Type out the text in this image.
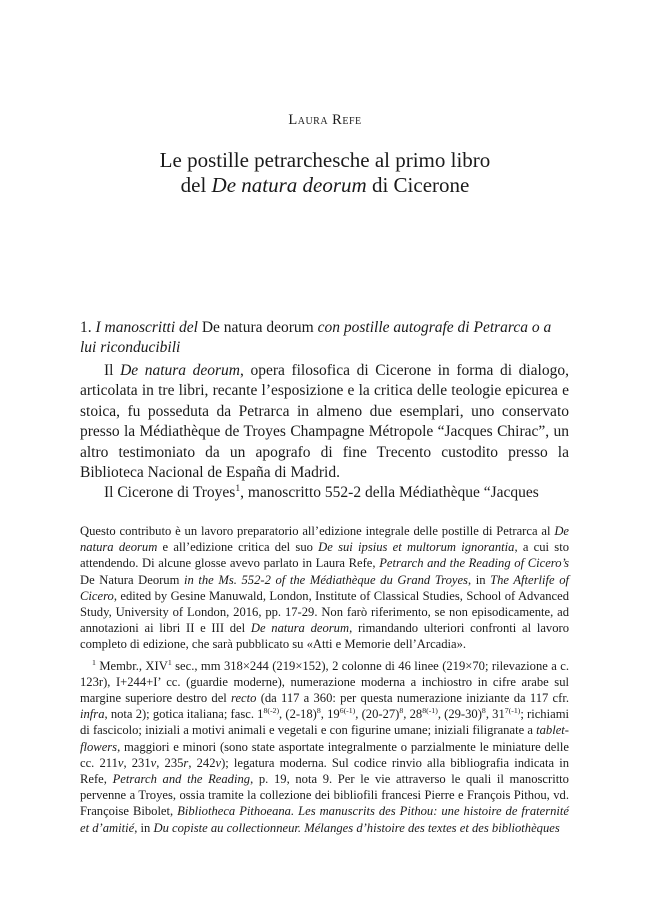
Laura Refe
Le postille petrarchesche al primo libro
del De natura deorum di Cicerone
1. I manoscritti del De natura deorum con postille autografe di Petrarca o a lui riconducibili

Il De natura deorum, opera filosofica di Cicerone in forma di dialogo, articolata in tre libri, recante l’esposizione e la critica delle teologie epicurea e stoica, fu posseduta da Petrarca in almeno due esemplari, uno conservato presso la Médiathèque de Troyes Champagne Métropole “Jacques Chirac”, un altro testimoniato da un apografo di fine Trecento custodito presso la Biblioteca Nacional de España di Madrid.

Il Cicerone di Troyes$^1$, manoscritto 552-2 della Médiathèque “Jacques

Questo contributo è un lavoro preparatorio all’edizione integrale delle postille di Petrarca al De natura deorum e all’edizione critica del suo De sui ipsius et multorum ignorantia, a cui sto attendendo. Di alcune glosse avevo parlato in Laura Refe, Petrarch and the Reading of Cicero’s De Natura Deorum in the Ms. 552-2 of the Médiathèque du Grand Troyes, in The Afterlife of Cicero, edited by Gesine Manuwald, London, Institute of Classical Studies, School of Advanced Study, University of London, 2016, pp. 17-29. Non farò riferimento, se non episodicamente, ad annotazioni ai libri II e III del De natura deorum, rimandando ulteriori confronti al lavoro completo di edizione, che sarà pubblicato su «Atti e Memorie dell’Arcadia».

$^1$ Membr., XIV$^1$ sec., mm 318×244 (219×152), 2 colonne di 46 linee (219×70; rilevazione a c. 123r), I+244+I’ cc. (guardie moderne), numerazione moderna a inchiostro in cifre arabe sul margine superiore destro del recto (da 117 a 360: per questa numerazione iniziante da 117 cfr. infra, nota 2); gotica italiana; fasc. $1^{8(-2)}$, $(2-18)^8$, $19^{6(-1)}$, $(20-27)^8$, $28^{8(-1)}$, $(29-30)^8$, $31^{7(-1)}$; richiami di fascicolo; iniziali a motivi animali e vegetali e con figurine umane; iniziali filigranate a tablet-flowers, maggiori e minori (sono state asportate integralmente o parzialmente le miniature delle cc. 211v, 231v, 235r, 242v); legatura moderna. Sul codice rinvio alla bibliografia indicata in Refe, Petrarch and the Reading, p. 19, nota 9. Per le vie attraverso le quali il manoscritto pervenne a Troyes, ossia tramite la collezione dei bibliofili francesi Pierre e François Pithou, vd. Françoise Bibolet, Bibliotheca Pithoeana. Les manuscrits des Pithou: une histoire de fraternité et d’amitié, in Du copiste au collectionneur. Mélanges d’histoire des textes et des bibliothèques
